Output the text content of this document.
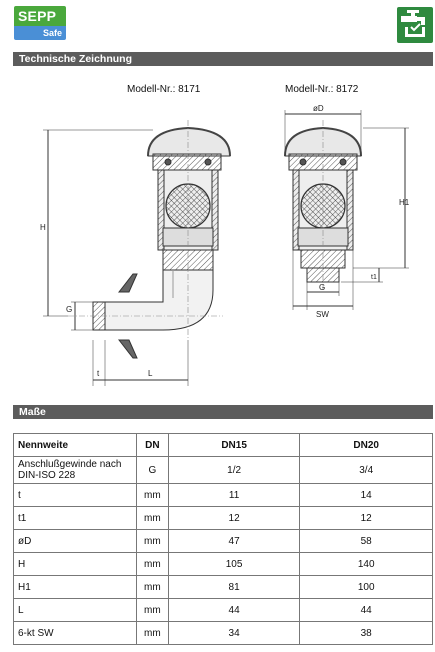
SEPP
Safe
Technische Zeichnung
Modell-Nr.: 8171	Modell-Nr.: 8172
H
G
t	L
øD
H1
t1
G
SW
Maße
Nennweite	DN	DN15	DN20
Anschlußgewinde nach DIN-ISO 228	G	1/2	3/4
t	mm	11	14
t1	mm	12	12
øD	mm	47	58
H	mm	105	140
H1	mm	81	100
L	mm	44	44
6-kt SW	mm	34	38
